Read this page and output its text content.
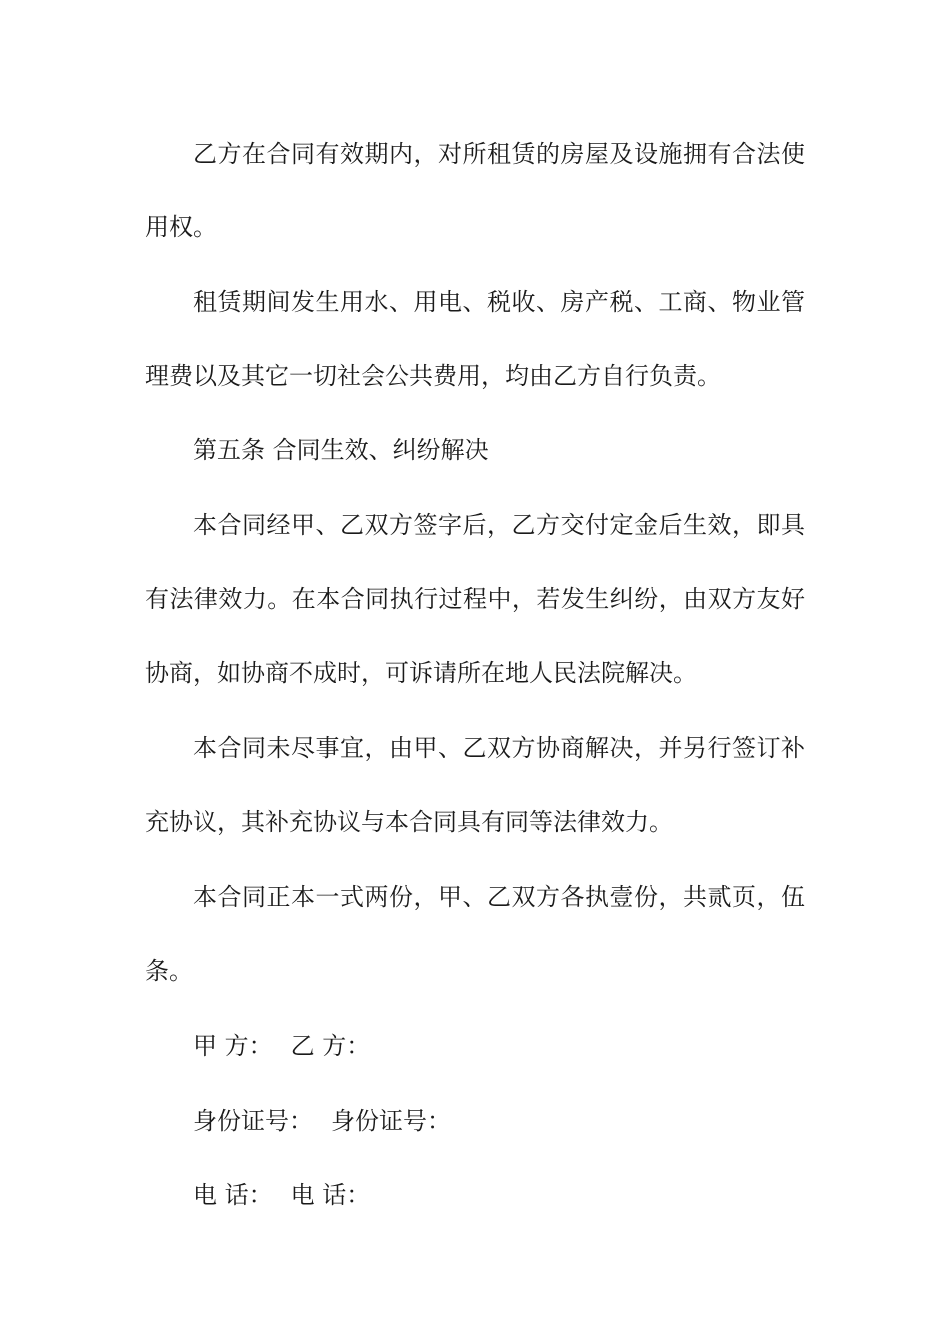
乙方在合同有效期内，对所租赁的房屋及设施拥有合法使
用权。
租赁期间发生用水、用电、税收、房产税、工商、物业管
理费以及其它一切社会公共费用，均由乙方自行负责。
第五条 合同生效、纠纷解决
本合同经甲、乙双方签字后，乙方交付定金后生效，即具
有法律效力。在本合同执行过程中，若发生纠纷，由双方友好
协商，如协商不成时，可诉请所在地人民法院解决。
本合同未尽事宜，由甲、乙双方协商解决，并另行签订补
充协议，其补充协议与本合同具有同等法律效力。
本合同正本一式两份，甲、乙双方各执壹份，共贰页，伍
条。
甲 方： 乙 方：
身份证号： 身份证号：
电 话： 电 话：
